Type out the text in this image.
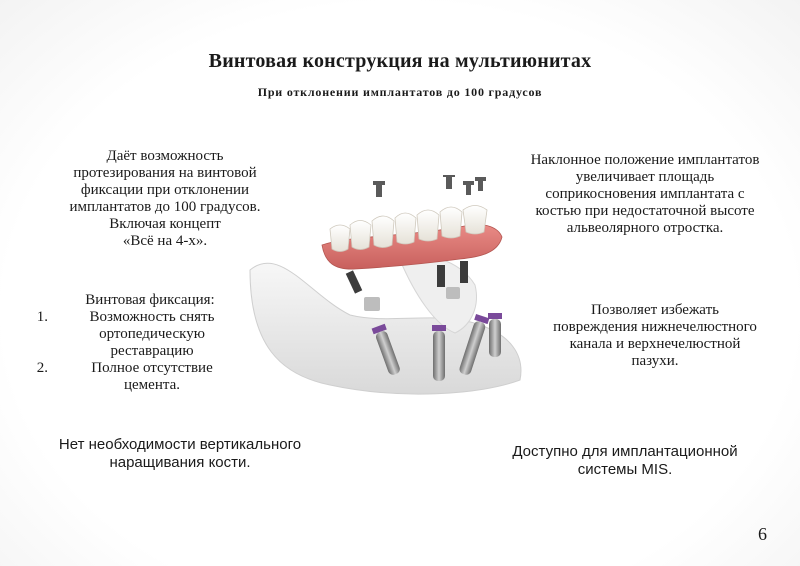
Винтовая конструкция на мультиюнитах
При отклонении имплантатов до 100 градусов
Даёт возможность
протезирования на винтовой
фиксации при отклонении
имплантатов до 100 градусов.
Включая концепт
«Всё на 4-х».
Винтовая фиксация:
1.	Возможность снять
ортопедическую
реставрацию
2.	Полное отсутствие
цемента.
Нет необходимости вертикального
наращивания кости.
Наклонное положение имплантатов
увеличивает площадь
соприкосновения имплантата с
костью при недостаточной высоте
альвеолярного отростка.
Позволяет избежать
повреждения нижнечелюстного
канала и верхнечелюстной
пазухи.
Доступно для имплантационной
системы MIS.
6
